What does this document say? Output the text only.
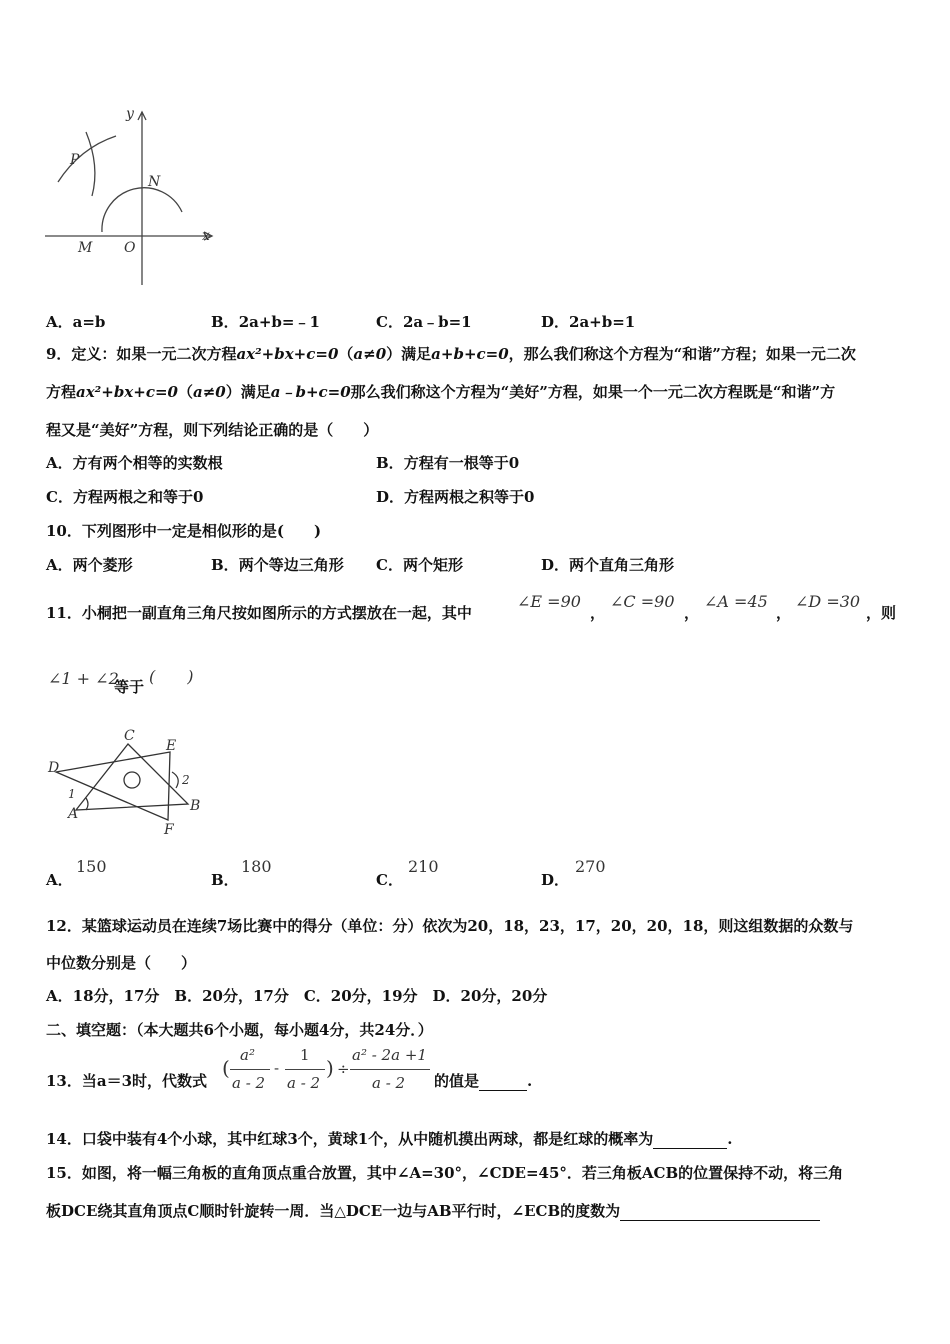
y
x
P
N
M O
A．a=b	B．2a+b=﹣1	C．2a﹣b=1	D．2a+b=1
9．定义：如果一元二次方程ax²+bx+c=0（a≠0）满足a+b+c=0，那么我们称这个方程为“和谐”方程；如果一元二次
方程ax²+bx+c=0（a≠0）满足a﹣b+c=0那么我们称这个方程为“美好”方程，如果一个一元二次方程既是“和谐”方
程又是“美好”方程，则下列结论正确的是（　　）
A．方有两个相等的实数根	B．方程有一根等于0
C．方程两根之和等于0	D．方程两根之积等于0
10．下列图形中一定是相似形的是(　　)
A．两个菱形	B．两个等边三角形 C．两个矩形	D．两个直角三角形
11．小桐把一副直角三角尺按如图所示的方式摆放在一起，其中
∠E =90
，
∠C =90
，
∠A =45
，
∠D =30
，则
∠1 + ∠2
等于
(　　)
C
E
D
1
2
A	B
F
A．
150
B．
180
C．
210
D．
270
12．某篮球运动员在连续7场比赛中的得分（单位：分）依次为20，18，23，17，20，20，18，则这组数据的众数与
中位数分别是（　　）
A．18分，17分　B．20分，17分　C．20分，19分　D．20分，20分
二、填空题：（本大题共6个小题，每小题4分，共24分．）
13．当a＝3时，代数式
(
a²
a - 2
-
1
a - 2
) ÷
a² - 2a +1
a - 2 的值是	.
14．口袋中装有4个小球，其中红球3个，黄球1个，从中随机摸出两球，都是红球的概率为	.
15．如图，将一幅三角板的直角顶点重合放置，其中∠A=30°，∠CDE=45°．若三角板ACB的位置保持不动，将三角
板DCE绕其直角顶点C顺时针旋转一周．当△DCE一边与AB平行时，∠ECB的度数为
